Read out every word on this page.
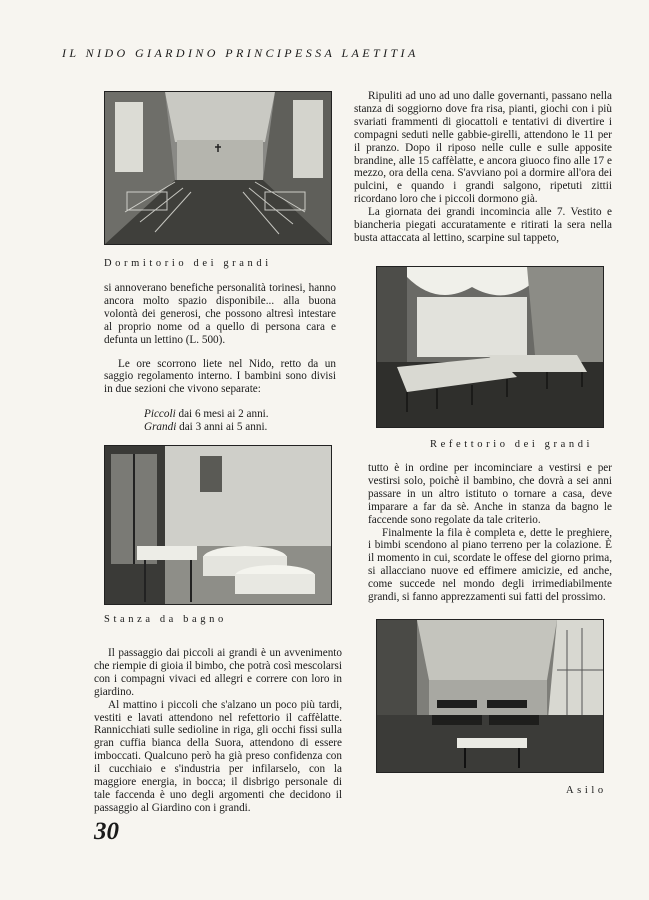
IL NIDO GIARDINO PRINCIPESSA LAETITIA
Dormitorio dei grandi

Ripuliti ad uno ad uno dalle governanti, passano nella stanza di soggiorno dove fra risa, pianti, giochi con i più svariati frammenti di giocattoli e tentativi di divertire i compagni seduti nelle gabbie-girelli, attendono le 11 per il pranzo. Dopo il riposo nelle culle e sulle apposite brandine, alle 15 caffèlatte, e ancora giuoco fino alle 17 e mezzo, ora della cena. S'avviano poi a dormire all'ora dei pulcini, e quando i grandi salgono, ripetuti zittii ricordano loro che i piccoli dormono già.

La giornata dei grandi incomincia alle 7. Vestito e biancheria piegati accuratamente e ritirati la sera nella busta attaccata al lettino, scarpine sul tappeto,

Refettorio dei grandi

si annoverano benefiche personalità torinesi, hanno ancora molto spazio disponibile... alla buona volontà dei generosi, che possono altresì intestare al proprio nome od a quello di persona cara e defunta un lettino (L. 500).

Le ore scorrono liete nel Nido, retto da un saggio regolamento interno. I bambini sono divisi in due sezioni che vivono separate:

Piccoli dai 6 mesi ai 2 anni.
Grandi dai 3 anni ai 5 anni.
Stanza da bagno

tutto è in ordine per incominciare a vestirsi e per vestirsi solo, poichè il bambino, che dovrà a sei anni passare in un altro istituto o tornare a casa, deve imparare a far da sè. Anche in stanza da bagno le faccende sono regolate da tale criterio.

Finalmente la fila è completa e, dette le preghiere, i bimbi scendono al piano terreno per la colazione. È il momento in cui, scordate le offese del giorno prima, si allacciano nuove ed effimere amicizie, ed anche, come succede nel mondo degli irrimediabilmente grandi, si fanno apprezzamenti sui fatti del prossimo.

Il passaggio dai piccoli ai grandi è un avvenimento che riempie di gioia il bimbo, che potrà così mescolarsi con i compagni vivaci ed allegri e correre con loro in giardino.

Al mattino i piccoli che s'alzano un poco più tardi, vestiti e lavati attendono nel refettorio il caffèlatte. Rannicchiati sulle sedioline in riga, gli occhi fissi sulla gran cuffia bianca della Suora, attendono di essere imboccati. Qualcuno però ha già preso confidenza con il cucchiaio e s'industria per infilarselo, con la maggiore energia, in bocca; il disbrigo personale di tale faccenda è uno degli argomenti che decidono il passaggio al Giardino con i grandi.

Asilo
30
